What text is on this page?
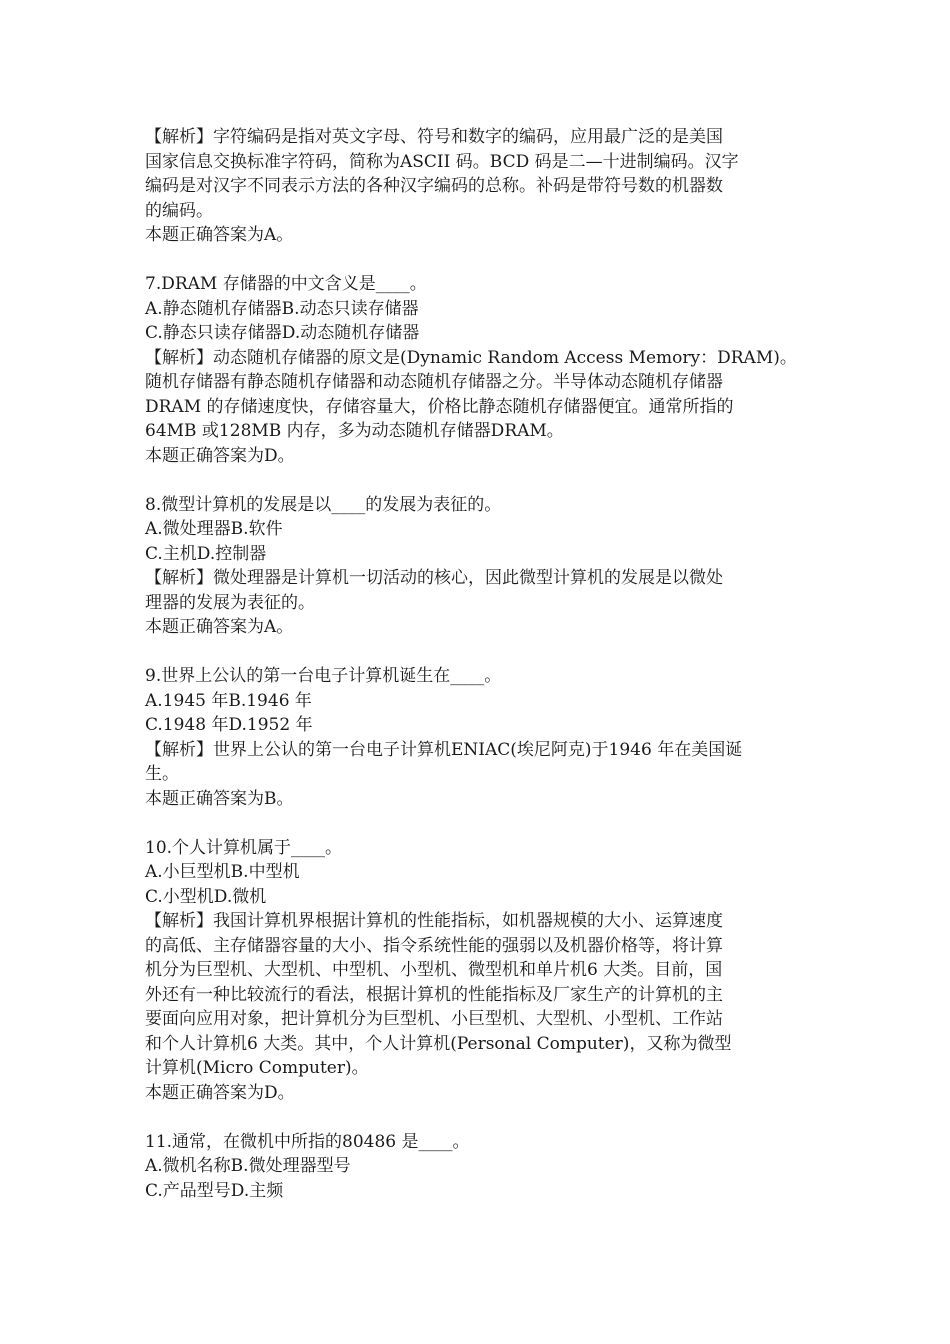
【解析】字符编码是指对英文字母、符号和数字的编码，应用最广泛的是美国
国家信息交换标准字符码，简称为ASCII 码。BCD 码是二—十进制编码。汉字
编码是对汉字不同表示方法的各种汉字编码的总称。补码是带符号数的机器数
的编码。
本题正确答案为A。
7.DRAM 存储器的中文含义是____。
A.静态随机存储器B.动态只读存储器
C.静态只读存储器D.动态随机存储器
【解析】动态随机存储器的原文是(Dynamic Random Access Memory：DRAM)。
随机存储器有静态随机存储器和动态随机存储器之分。半导体动态随机存储器
DRAM 的存储速度快，存储容量大，价格比静态随机存储器便宜。通常所指的
64MB 或128MB 内存，多为动态随机存储器DRAM。
本题正确答案为D。
8.微型计算机的发展是以____的发展为表征的。
A.微处理器B.软件
C.主机D.控制器
【解析】微处理器是计算机一切活动的核心，因此微型计算机的发展是以微处
理器的发展为表征的。
本题正确答案为A。
9.世界上公认的第一台电子计算机诞生在____。
A.1945 年B.1946 年
C.1948 年D.1952 年
【解析】世界上公认的第一台电子计算机ENIAC(埃尼阿克)于1946 年在美国诞
生。
本题正确答案为B。
10.个人计算机属于____。
A.小巨型机B.中型机
C.小型机D.微机
【解析】我国计算机界根据计算机的性能指标，如机器规模的大小、运算速度
的高低、主存储器容量的大小、指令系统性能的强弱以及机器价格等，将计算
机分为巨型机、大型机、中型机、小型机、微型机和单片机6 大类。目前，国
外还有一种比较流行的看法，根据计算机的性能指标及厂家生产的计算机的主
要面向应用对象，把计算机分为巨型机、小巨型机、大型机、小型机、工作站
和个人计算机6 大类。其中，个人计算机(Personal Computer)，又称为微型
计算机(Micro Computer)。
本题正确答案为D。
11.通常，在微机中所指的80486 是____。
A.微机名称B.微处理器型号
C.产品型号D.主频
